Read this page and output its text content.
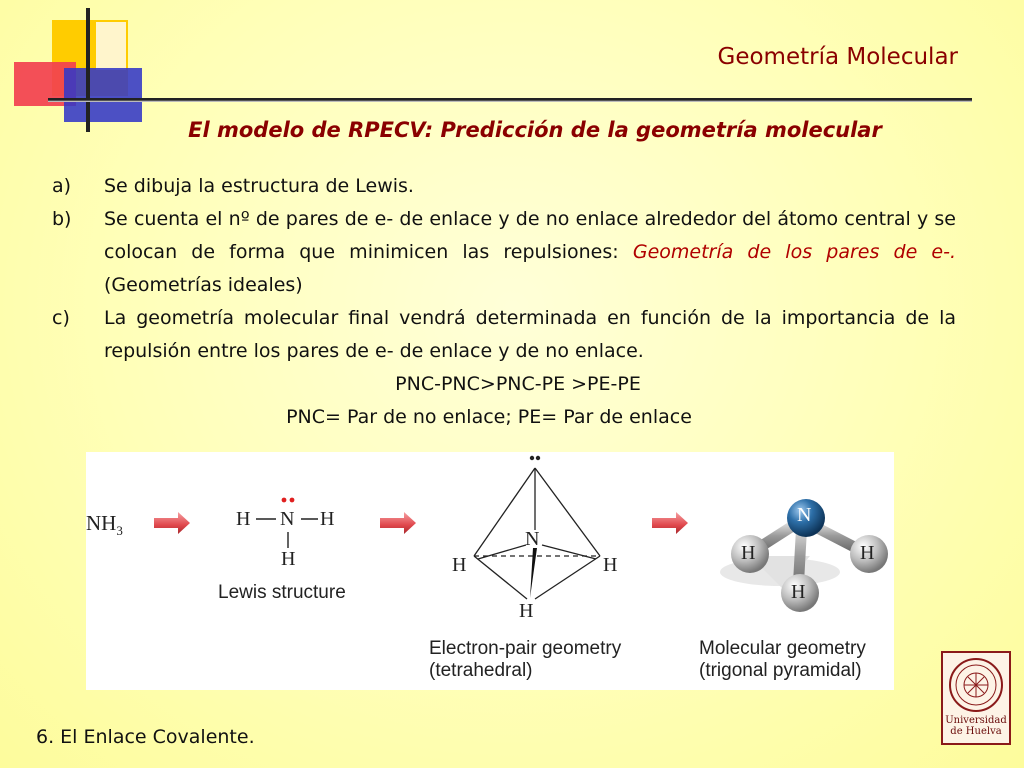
Geometría Molecular
El modelo de RPECV: Predicción de la geometría molecular
a) Se dibuja la estructura de Lewis.
b) Se cuenta el nº de pares de e- de enlace y de no enlace alrededor del átomo central y se colocan de forma que minimicen las repulsiones: Geometría de los pares de e-. (Geometrías ideales)
c) La geometría molecular final vendrá determinada en función de la importancia de la repulsión entre los pares de e- de enlace y de no enlace.
PNC-PNC>PNC-PE >PE-PE
PNC= Par de no enlace; PE= Par de enlace
$NH_3$
H N H
H
Lewis structure
N
H	H
H
Electron-pair geometry
(tetrahedral)
N
H	H
H
Molecular geometry
(trigonal pyramidal)
6. El Enlace Covalente.
Universidad
de Huelva
